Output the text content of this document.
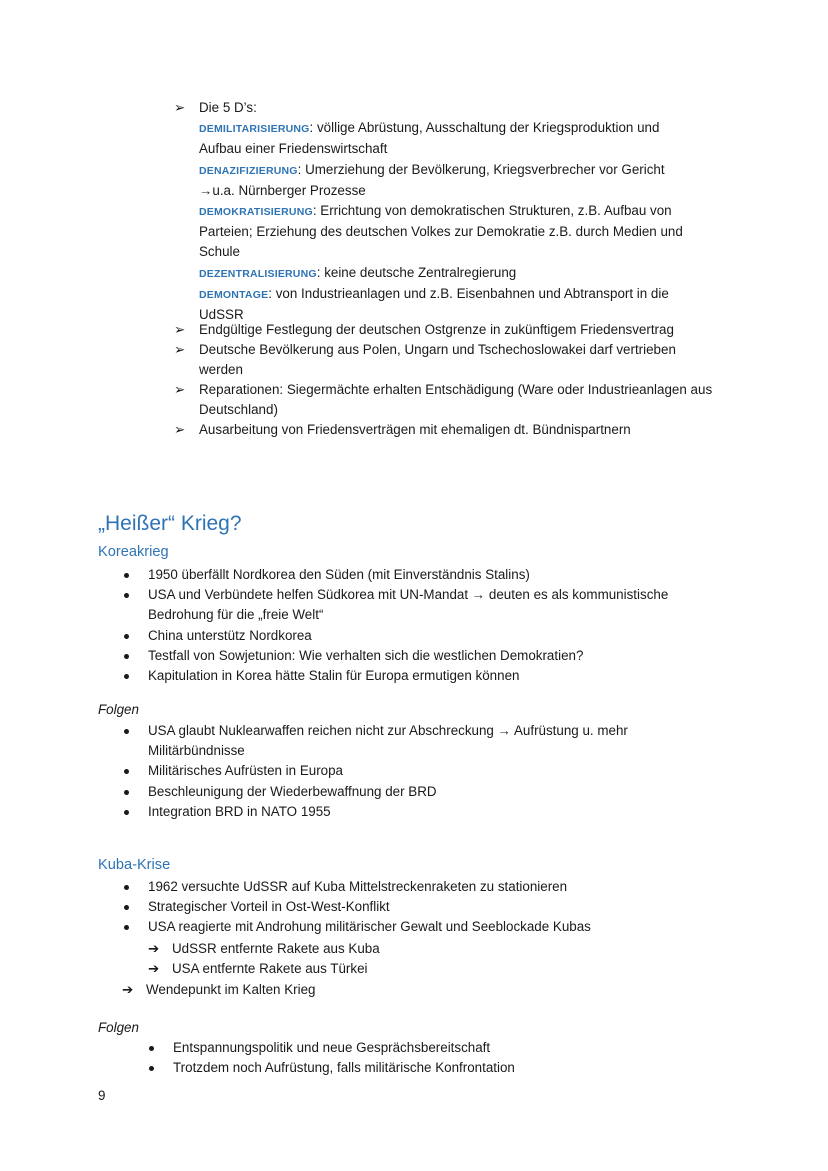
➢	Die 5 D’s:
DEMILITARISIERUNG: völlige Abrüstung, Ausschaltung der Kriegsproduktion und Aufbau einer Friedenswirtschaft
DENAZIFIZIERUNG: Umerziehung der Bevölkerung, Kriegsverbrecher vor Gericht
→u.a. Nürnberger Prozesse
DEMOKRATISIERUNG: Errichtung von demokratischen Strukturen, z.B. Aufbau von Parteien; Erziehung des deutschen Volkes zur Demokratie z.B. durch Medien und Schule
DEZENTRALISIERUNG: keine deutsche Zentralregierung
DEMONTAGE: von Industrieanlagen und z.B. Eisenbahnen und Abtransport in die UdSSR
➢	Endgültige Festlegung der deutschen Ostgrenze in zukünftigem Friedensvertrag
➢	Deutsche Bevölkerung aus Polen, Ungarn und Tschechoslowakei darf vertrieben werden
➢	Reparationen: Siegermächte erhalten Entschädigung (Ware oder Industrieanlagen aus Deutschland)
➢	Ausarbeitung von Friedensverträgen mit ehemaligen dt. Bündnispartnern
„Heißer“ Krieg?
Koreakrieg
1950 überfällt Nordkorea den Süden (mit Einverständnis Stalins)
USA und Verbündete helfen Südkorea mit UN-Mandat → deuten es als kommunistische Bedrohung für die „freie Welt“
China unterstütz Nordkorea
Testfall von Sowjetunion: Wie verhalten sich die westlichen Demokratien?
Kapitulation in Korea hätte Stalin für Europa ermutigen können
Folgen
USA glaubt Nuklearwaffen reichen nicht zur Abschreckung → Aufrüstung u. mehr Militärbündnisse
Militärisches Aufrüsten in Europa
Beschleunigung der Wiederbewaffnung der BRD
Integration BRD in NATO 1955
Kuba-Krise
1962 versuchte UdSSR auf Kuba Mittelstreckenraketen zu stationieren
Strategischer Vorteil in Ost-West-Konflikt
USA reagierte mit Androhung militärischer Gewalt und Seeblockade Kubas
➔ UdSSR entfernte Rakete aus Kuba
➔ USA entfernte Rakete aus Türkei
➔ Wendepunkt im Kalten Krieg
Folgen
Entspannungspolitik und neue Gesprächsbereitschaft
Trotzdem noch Aufrüstung, falls militärische Konfrontation
9
